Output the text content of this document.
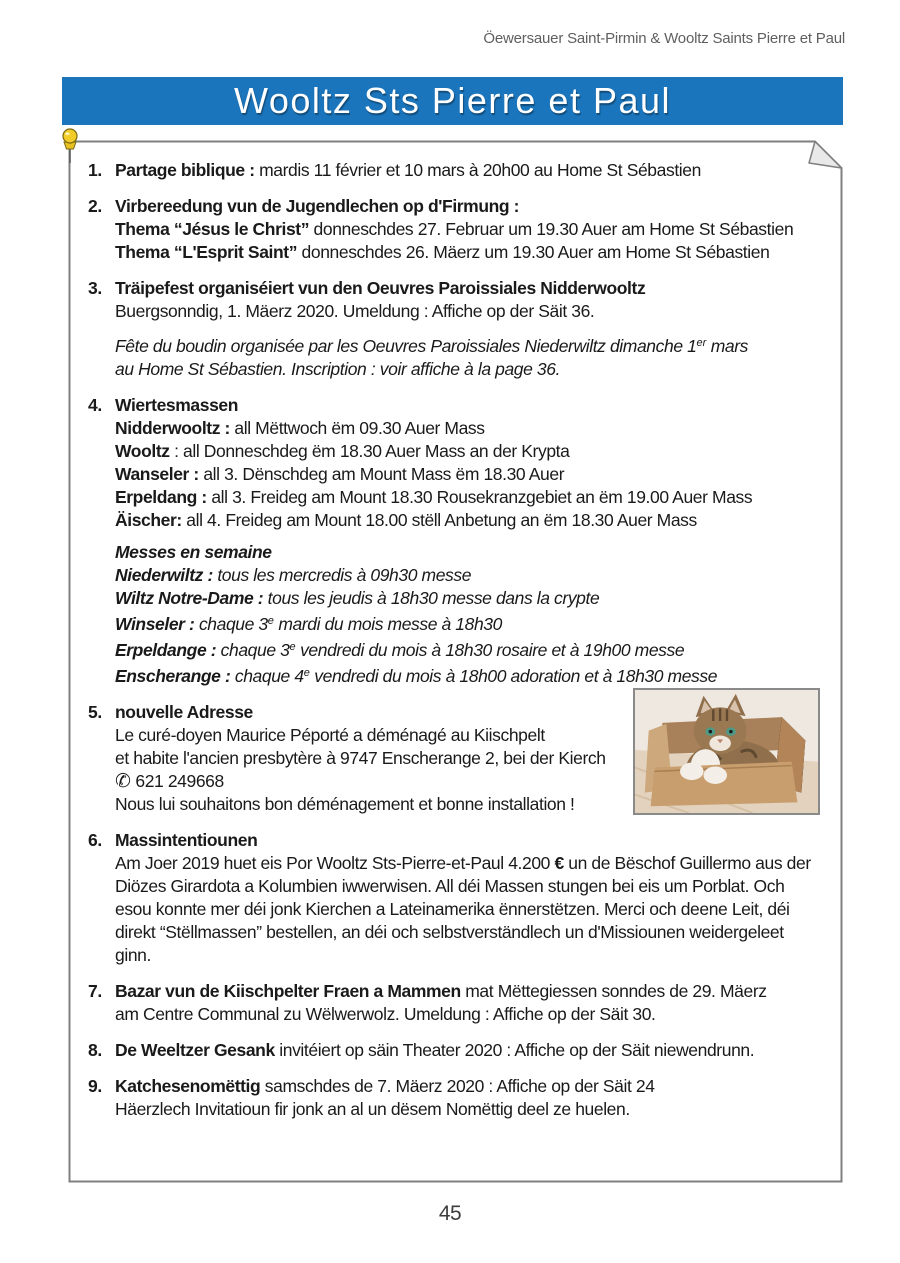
Öewersauer Saint-Pirmin & Wooltz Saints Pierre et Paul
Wooltz Sts Pierre et Paul
1. Partage biblique : mardis 11 février et 10 mars à 20h00 au Home St Sébastien
2. Virbereedung vun de Jugendlechen op d'Firmung :
Thema “Jésus le Christ” donneschdes 27. Februar um 19.30 Auer am Home St Sébastien
Thema “L'Esprit Saint” donneschdes 26. Mäerz um 19.30 Auer am Home St Sébastien
3. Träipefest organiséiert vun den Oeuvres Paroissiales Nidderwooltz
Buergsonndig, 1. Mäerz 2020. Umeldung : Affiche op der Säit 36.
Fête du boudin organisée par les Oeuvres Paroissiales Niederwiltz dimanche 1er mars
au Home St Sébastien. Inscription : voir affiche à la page 36.
4. Wiertesmassen
Nidderwooltz : all Mëttwoch ëm 09.30 Auer Mass
Wooltz : all Donneschdeg ëm 18.30 Auer Mass an der Krypta
Wanseler : all 3. Dënschdeg am Mount Mass ëm 18.30 Auer
Erpeldang : all 3. Freideg am Mount 18.30 Rousekranzgebiet an ëm 19.00 Auer Mass
Äischer: all 4. Freideg am Mount 18.00 stëll Anbetung an ëm 18.30 Auer Mass
Messes en semaine
Niederwiltz : tous les mercredis à 09h30 messe
Wiltz Notre-Dame : tous les jeudis à 18h30 messe dans la crypte
Winseler : chaque 3e mardi du mois messe à 18h30
Erpeldange : chaque 3e vendredi du mois à 18h30 rosaire et à 19h00 messe
Enscherange : chaque 4e vendredi du mois à 18h00 adoration et à 18h30 messe
5. nouvelle Adresse
Le curé-doyen Maurice Péporté a déménagé au Kiischpelt
et habite l'ancien presbytère à 9747 Enscherange 2, bei der Kierch
✆ 621 249668
Nous lui souhaitons bon déménagement et bonne installation !
6. Massintentiounen
Am Joer 2019 huet eis Por Wooltz Sts-Pierre-et-Paul 4.200 € un de Bëschof Guillermo aus der Diözes Girardota a Kolumbien iwwerwisen. All déi Massen stungen bei eis um Porblat. Och esou konnte mer déi jonk Kierchen a Lateinamerika ënnerstëtzen. Merci och deene Leit, déi direkt “Stëllmassen” bestellen, an déi och selbstverständlech un d'Missiounen weidergeleet ginn.
7. Bazar vun de Kiischpelter Fraen a Mammen mat Mëttegiessen sonndes de 29. Mäerz
am Centre Communal zu Wëlwerwolz. Umeldung : Affiche op der Säit 30.
8. De Weeltzer Gesank invitéiert op säin Theater 2020 : Affiche op der Säit niewendrunn.
9. Katchesenomëttig samschdes de 7. Mäerz 2020 : Affiche op der Säit 24
Häerzlech Invitatioun fir jonk an al un dësem Nomëttig deel ze huelen.
45
